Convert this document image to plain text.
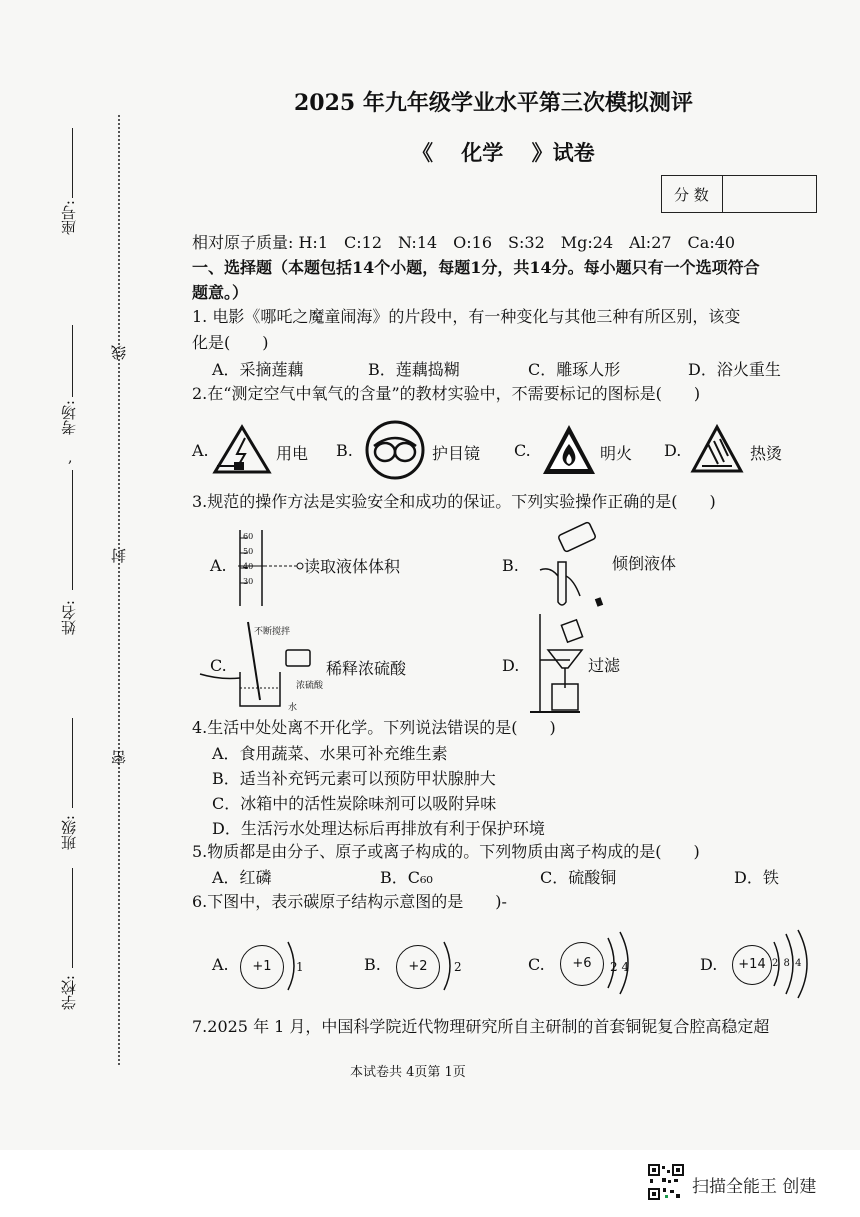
座号:
考场:
,
姓名:
班级:
学校:
线
封
密
2025 年九年级学业水平第三次模拟测评
《　 化学　 》试卷
分 数
相对原子质量: H:1　C:12　N:14　O:16　S:32　Mg:24　Al:27　Ca:40
一、选择题（本题包括14个小题，每题1分，共14分。每小题只有一个选项符合
题意。）
1. 电影《哪吒之魔童闹海》的片段中，有一种变化与其他三种有所区别，该变
化是(　　)
A．采摘莲藕	B．莲藕捣糊	C．雕琢人形	D．浴火重生
2.在“测定空气中氧气的含量”的教材实验中，不需要标记的图标是(　　)
A.	用电 B.	护目镜 C.	明火 D.	热烫
3.规范的操作方法是实验安全和成功的保证。下列实验操作正确的是(　　)
A.
60
50
40
30
读取液体体积	B.	倾倒液体
不断搅拌
浓硫酸
水
C.	稀释浓硫酸	D.	过滤
4.生活中处处离不开化学。下列说法错误的是(　　)
A．食用蔬菜、水果可补充维生素
B．适当补充钙元素可以预防甲状腺肿大
C．冰箱中的活性炭除味剂可以吸附异味
D．生活污水处理达标后再排放有利于保护环境
5.物质都是由分子、原子或离子构成的。下列物质由离子构成的是(　　)
A．红磷	B．C₆₀	C．硫酸铜	D．铁
6.下图中，表示碳原子结构示意图的是　　)-
A.	+1	1	B.	+2	2	C.	+6	2 4	D.	+14 2 8 4
7.2025 年 1 月，中国科学院近代物理研究所自主研制的首套铜铌复合腔高稳定超
本试卷共 4页第 1页
扫描全能王 创建
